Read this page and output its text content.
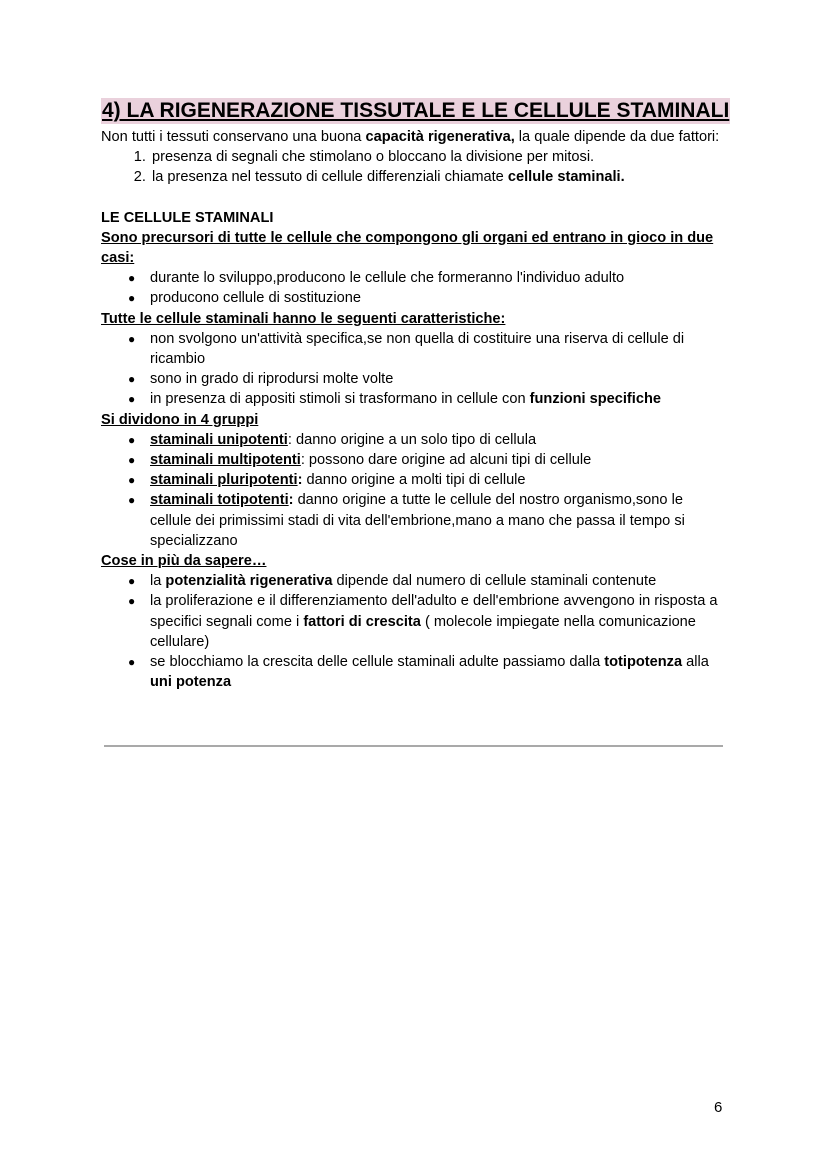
4) LA RIGENERAZIONE TISSUTALE E LE CELLULE STAMINALI

Non tutti i tessuti conservano una buona capacità rigenerativa, la quale dipende da due fattori:

1. presenza di segnali che stimolano o bloccano la divisione per mitosi.
2. la presenza nel tessuto di cellule differenziali chiamate cellule staminali.

LE CELLULE STAMINALI

Sono precursori di tutte le cellule che compongono gli organi ed entrano in gioco in due casi:

● durante lo sviluppo,producono le cellule che formeranno l'individuo adulto
● producono cellule di sostituzione

Tutte le cellule staminali hanno le seguenti caratteristiche:

● non svolgono un'attività specifica,se non quella di costituire una riserva di cellule di ricambio
● sono in grado di riprodursi molte volte
● in presenza di appositi stimoli si trasformano in cellule con funzioni specifiche

Si dividono in 4 gruppi

● staminali unipotenti: danno origine a un solo tipo di cellula
● staminali multipotenti: possono dare origine ad alcuni tipi di cellule
● staminali pluripotenti: danno origine a molti tipi di cellule
● staminali totipotenti: danno origine a tutte le cellule del nostro organismo,sono le cellule dei primissimi stadi di vita dell'embrione,mano a mano che passa il tempo si specializzano

Cose in più da sapere…

● la potenzialità rigenerativa dipende dal numero di cellule staminali contenute
● la proliferazione e il differenziamento dell'adulto e dell'embrione avvengono in risposta a specifici segnali come i fattori di crescita ( molecole impiegate nella comunicazione cellulare)
● se blocchiamo la crescita delle cellule staminali adulte passiamo dalla totipotenza alla uni potenza
6
